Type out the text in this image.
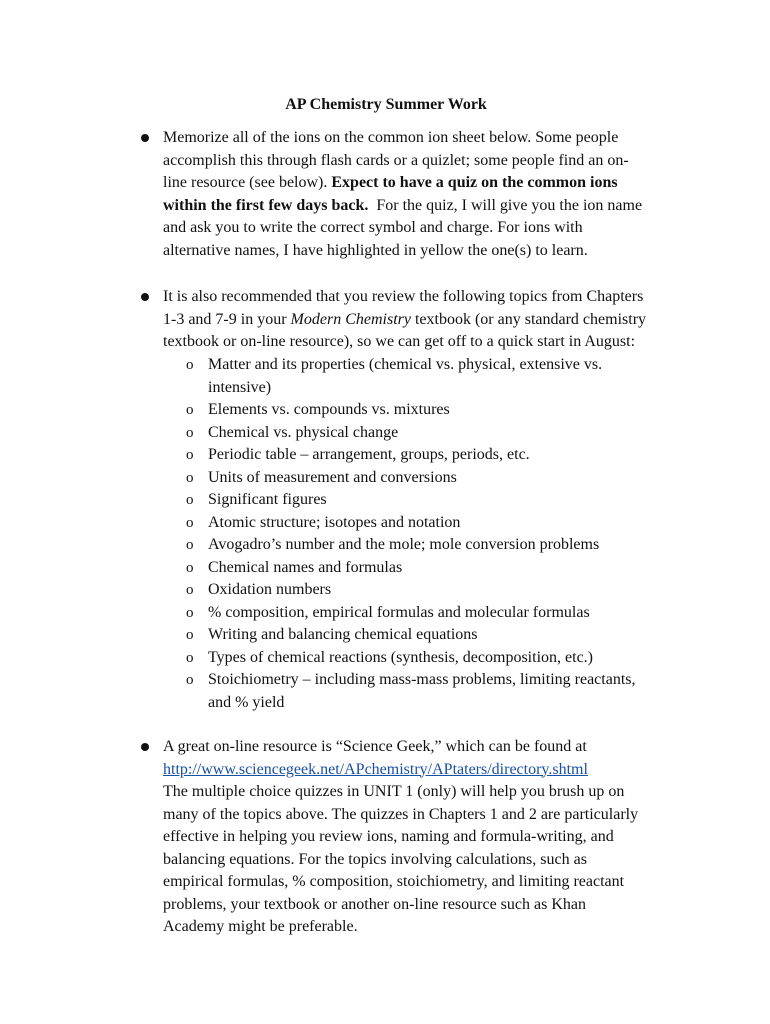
AP Chemistry Summer Work
Memorize all of the ions on the common ion sheet below. Some people
accomplish this through flash cards or a quizlet; some people find an on-
line resource (see below). Expect to have a quiz on the common ions
within the first few days back.  For the quiz, I will give you the ion name
and ask you to write the correct symbol and charge. For ions with
alternative names, I have highlighted in yellow the one(s) to learn.
It is also recommended that you review the following topics from Chapters
1-3 and 7-9 in your Modern Chemistry textbook (or any standard chemistry
textbook or on-line resource), so we can get off to a quick start in August:
o Matter and its properties (chemical vs. physical, extensive vs.
intensive)
o Elements vs. compounds vs. mixtures
o Chemical vs. physical change
o Periodic table – arrangement, groups, periods, etc.
o Units of measurement and conversions
o Significant figures
o Atomic structure; isotopes and notation
o Avogadro’s number and the mole; mole conversion problems
o Chemical names and formulas
o Oxidation numbers
o % composition, empirical formulas and molecular formulas
o Writing and balancing chemical equations
o Types of chemical reactions (synthesis, decomposition, etc.)
o Stoichiometry – including mass-mass problems, limiting reactants,
and % yield
A great on-line resource is “Science Geek,” which can be found at
http://www.sciencegeek.net/APchemistry/APtaters/directory.shtml
The multiple choice quizzes in UNIT 1 (only) will help you brush up on
many of the topics above. The quizzes in Chapters 1 and 2 are particularly
effective in helping you review ions, naming and formula-writing, and
balancing equations. For the topics involving calculations, such as
empirical formulas, % composition, stoichiometry, and limiting reactant
problems, your textbook or another on-line resource such as Khan
Academy might be preferable.
